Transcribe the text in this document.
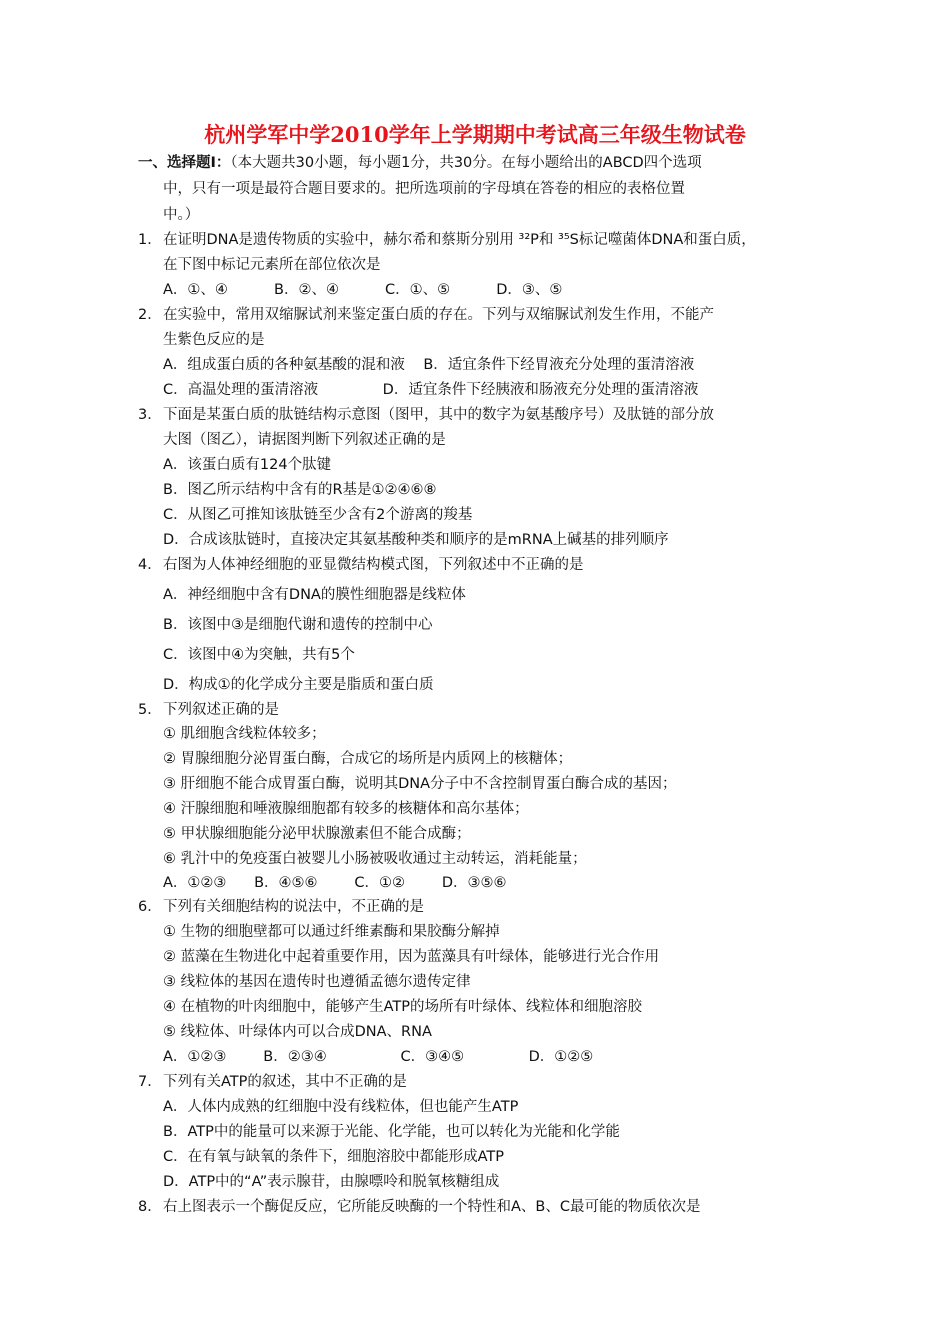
杭州学军中学2010学年上学期期中考试高三年级生物试卷
一、选择题Ⅰ：（本大题共30小题，每小题1分，共30分。在每小题给出的ABCD四个选项
中，只有一项是最符合题目要求的。把所选项前的字母填在答卷的相应的表格位置
中。）
1． 在证明DNA是遗传物质的实验中，赫尔希和蔡斯分别用 ³²P和 ³⁵S标记噬菌体DNA和蛋白质，
在下图中标记元素所在部位依次是
A．①、④          B．②、④          C．①、⑤          D．③、⑤
2． 在实验中，常用双缩脲试剂来鉴定蛋白质的存在。下列与双缩脲试剂发生作用，不能产
生紫色反应的是
A．组成蛋白质的各种氨基酸的混和液    B．适宜条件下经胃液充分处理的蛋清溶液
C．高温处理的蛋清溶液              D．适宜条件下经胰液和肠液充分处理的蛋清溶液
3． 下面是某蛋白质的肽链结构示意图（图甲，其中的数字为氨基酸序号）及肽链的部分放
大图（图乙），请据图判断下列叙述正确的是
A．该蛋白质有124个肽键
B．图乙所示结构中含有的R基是①②④⑥⑧
C．从图乙可推知该肽链至少含有2个游离的羧基
D．合成该肽链时，直接决定其氨基酸种类和顺序的是mRNA上碱基的排列顺序
4． 右图为人体神经细胞的亚显微结构模式图，下列叙述中不正确的是
A．神经细胞中含有DNA的膜性细胞器是线粒体
B．该图中③是细胞代谢和遗传的控制中心
C．该图中④为突触，共有5个
D．构成①的化学成分主要是脂质和蛋白质
5． 下列叙述正确的是
① 肌细胞含线粒体较多；
② 胃腺细胞分泌胃蛋白酶，合成它的场所是内质网上的核糖体；
③ 肝细胞不能合成胃蛋白酶，说明其DNA分子中不含控制胃蛋白酶合成的基因；
④ 汗腺细胞和唾液腺细胞都有较多的核糖体和高尔基体；
⑤ 甲状腺细胞能分泌甲状腺激素但不能合成酶；
⑥ 乳汁中的免疫蛋白被婴儿小肠被吸收通过主动转运，消耗能量；
A．①②③      B．④⑤⑥        C．①②        D．③⑤⑥
6． 下列有关细胞结构的说法中，不正确的是
① 生物的细胞壁都可以通过纤维素酶和果胶酶分解掉
② 蓝藻在生物进化中起着重要作用，因为蓝藻具有叶绿体，能够进行光合作用
③ 线粒体的基因在遗传时也遵循孟德尔遗传定律
④ 在植物的叶肉细胞中，能够产生ATP的场所有叶绿体、线粒体和细胞溶胶
⑤ 线粒体、叶绿体内可以合成DNA、RNA
A．①②③        B．②③④                C．③④⑤              D．①②⑤
7． 下列有关ATP的叙述，其中不正确的是
A．人体内成熟的红细胞中没有线粒体，但也能产生ATP
B．ATP中的能量可以来源于光能、化学能，也可以转化为光能和化学能
C．在有氧与缺氧的条件下，细胞溶胶中都能形成ATP
D．ATP中的“A”表示腺苷，由腺嘌呤和脱氧核糖组成
8． 右上图表示一个酶促反应，它所能反映酶的一个特性和A、B、C最可能的物质依次是
